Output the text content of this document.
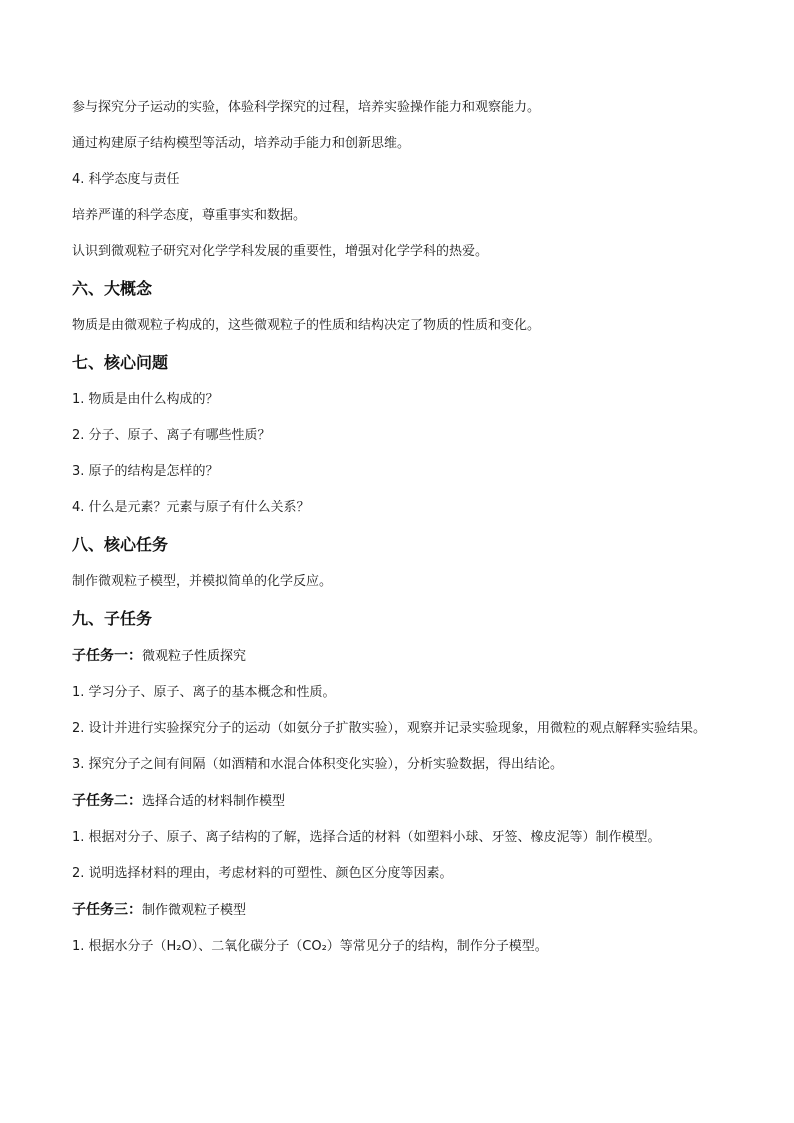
参与探究分子运动的实验，体验科学探究的过程，培养实验操作能力和观察能力。

通过构建原子结构模型等活动，培养动手能力和创新思维。

4. 科学态度与责任

培养严谨的科学态度，尊重事实和数据。

认识到微观粒子研究对化学学科发展的重要性，增强对化学学科的热爱。

六、大概念

物质是由微观粒子构成的，这些微观粒子的性质和结构决定了物质的性质和变化。

七、核心问题

1. 物质是由什么构成的？

2. 分子、原子、离子有哪些性质？

3. 原子的结构是怎样的？

4. 什么是元素？元素与原子有什么关系？

八、核心任务

制作微观粒子模型，并模拟简单的化学反应。

九、子任务

子任务一：微观粒子性质探究

1. 学习分子、原子、离子的基本概念和性质。

2. 设计并进行实验探究分子的运动（如氨分子扩散实验），观察并记录实验现象，用微粒的观点解释实验结果。

3. 探究分子之间有间隔（如酒精和水混合体积变化实验），分析实验数据，得出结论。

子任务二：选择合适的材料制作模型

1. 根据对分子、原子、离子结构的了解，选择合适的材料（如塑料小球、牙签、橡皮泥等）制作模型。

2. 说明选择材料的理由，考虑材料的可塑性、颜色区分度等因素。

子任务三：制作微观粒子模型

1. 根据水分子（H₂O）、二氧化碳分子（CO₂）等常见分子的结构，制作分子模型。
